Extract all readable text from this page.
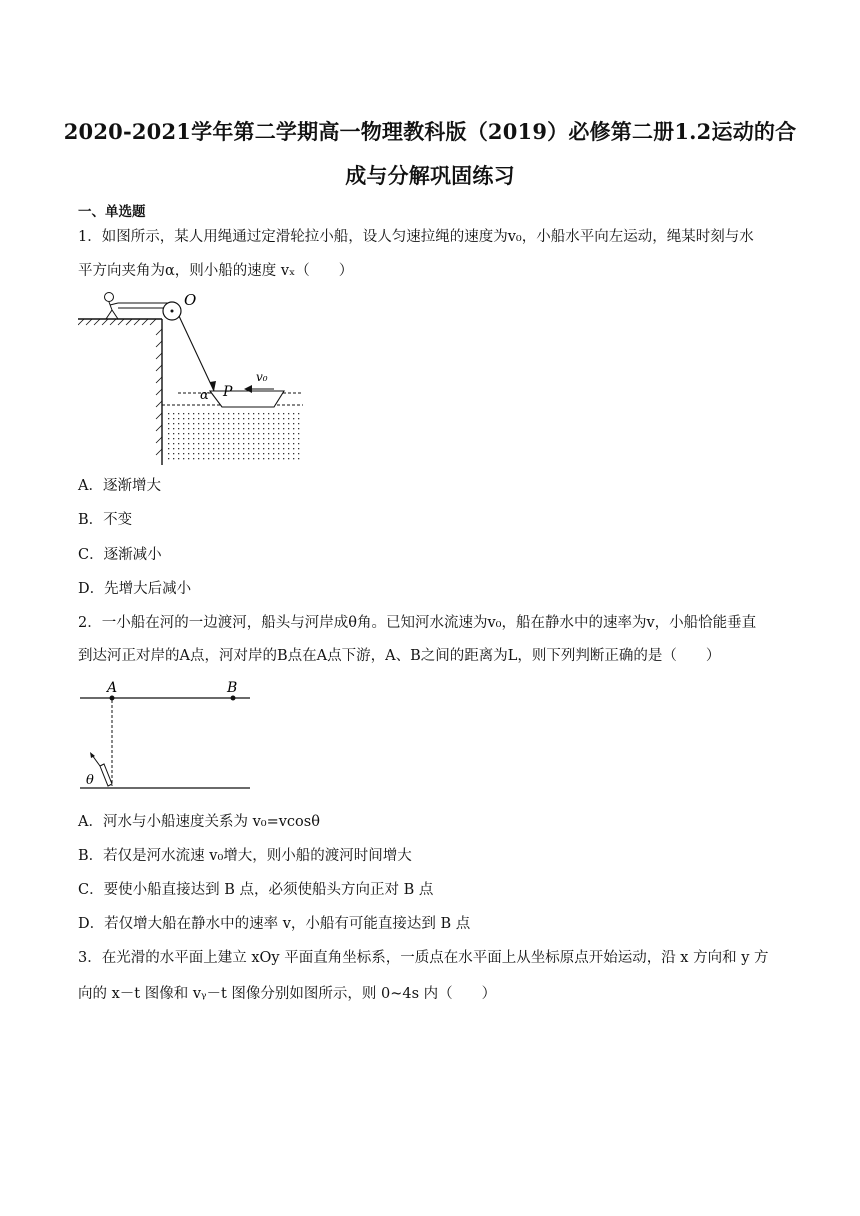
2020-2021学年第二学期高一物理教科版（2019）必修第二册1.2运动的合
成与分解巩固练习
一、单选题
1．如图所示，某人用绳通过定滑轮拉小船，设人匀速拉绳的速度为v₀，小船水平向左运动，绳某时刻与水
平方向夹角为α，则小船的速度 vₓ（　　）
O
α P
v₀
A．逐渐增大
B．不变
C．逐渐减小
D．先增大后减小
2．一小船在河的一边渡河，船头与河岸成θ角。已知河水流速为v₀，船在静水中的速率为v，小船恰能垂直
到达河正对岸的A点，河对岸的B点在A点下游，A、B之间的距离为L，则下列判断正确的是（　　）
A	B
θ
A．河水与小船速度关系为 v₀=vcosθ
B．若仅是河水流速 v₀增大，则小船的渡河时间增大
C．要使小船直接达到 B 点，必须使船头方向正对 B 点
D．若仅增大船在静水中的速率 v，小船有可能直接达到 B 点
3．在光滑的水平面上建立 xOy 平面直角坐标系，一质点在水平面上从坐标原点开始运动，沿 x 方向和 y 方
向的 x－t 图像和 vᵧ－t 图像分别如图所示，则 0~4s 内（　　）
